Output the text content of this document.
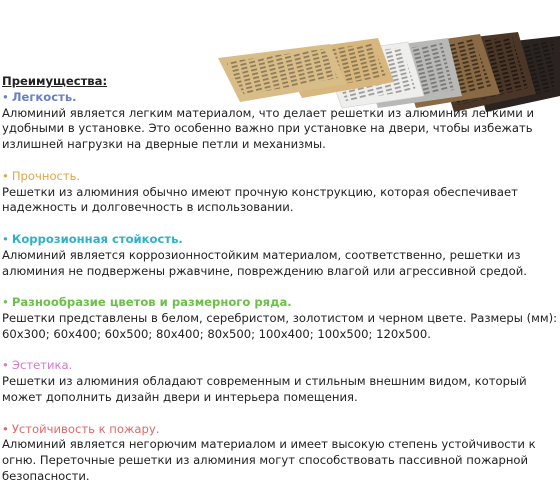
Преимущества:
• Легкость.
Алюминий является легким материалом, что делает решетки из алюминия легкими и удобными в установке. Это особенно важно при установке на двери, чтобы избежать излишней нагрузки на дверные петли и механизмы.
• Прочность.
Решетки из алюминия обычно имеют прочную конструкцию, которая обеспечивает надежность и долговечность в использовании.
• Коррозионная стойкость.
Алюминий является коррозионностойким материалом, соответственно, решетки из алюминия не подвержены ржавчине, повреждению влагой или агрессивной средой.
• Разнообразие цветов и размерного ряда.
Решетки представлены в белом, серебристом, золотистом и черном цвете. Размеры (мм): 60x300; 60x400; 60x500; 80x400; 80x500; 100x400; 100x500; 120x500.
• Эстетика.
Решетки из алюминия обладают современным и стильным внешним видом, который может дополнить дизайн двери и интерьера помещения.
• Устойчивость к пожару.
Алюминий является негорючим материалом и имеет высокую степень устойчивости к огню. Переточные решетки из алюминия могут способствовать пассивной пожарной безопасности.
